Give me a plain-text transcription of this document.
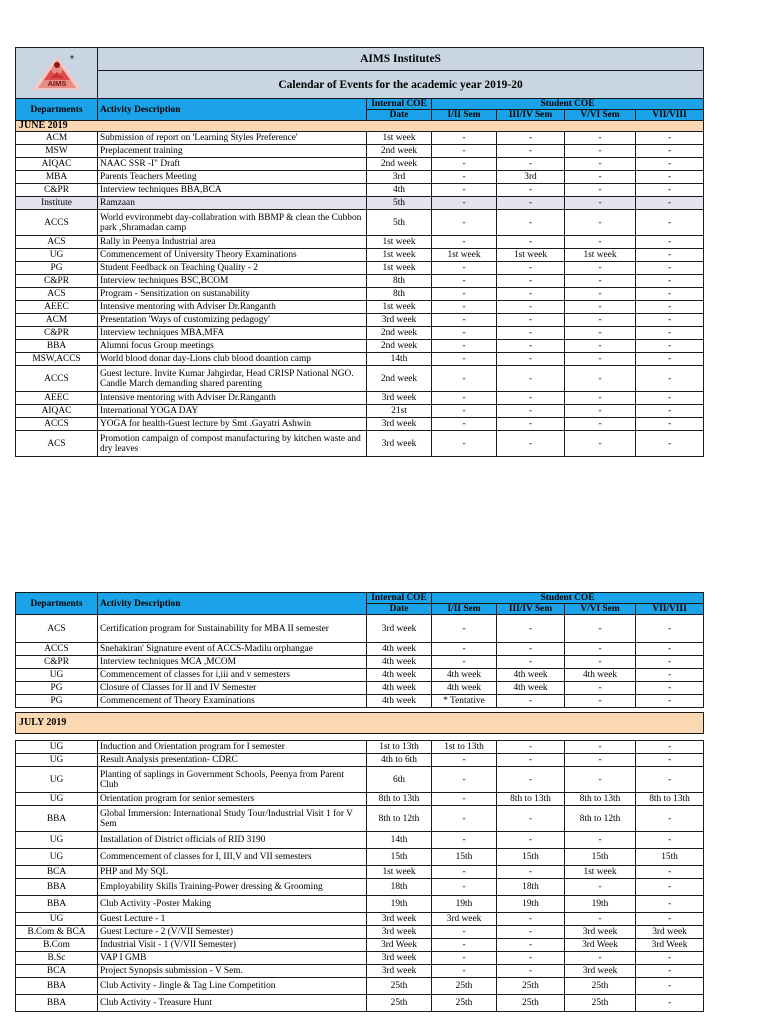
AIMS	AIMS InstituteS					
	Calendar of Events for the academic year 2019-20					
Departments	Activity Description	Internal COE	Student COE			
		Date	I/II Sem	III/IV Sem	V/VI Sem	VII/VIII
JUNE 2019						
ACM	Submission of report on 'Learning Styles Preference'	1st week	-	-	-	-
MSW	Preplacement training	2nd week	-	-	-	-
AIQAC	NAAC SSR -I" Draft	2nd week	-	-	-	-
MBA	Parents Teachers Meeting	3rd	-	3rd	-	-
C&PR	Interview techniques BBA,BCA	4th	-	-	-	-
Institute	Ramzaan	5th	-	-	-	-
ACCS	World evvironmebt day-collabration with BBMP & clean the Cubbon park ,Shramadan camp	5th	-	-	-	-
ACS	Rally in Peenya Industrial area	1st week	-	-	-	-
UG	Commencement of University Theory Examinations	1st week	1st week	1st week	1st week	-
PG	Student Feedback on Teaching Quality - 2	1st week	-	-	-	-
C&PR	Interview techniques BSC,BCOM	8th	-	-	-	-
ACS	Program - Sensitization on sustanability	8th	-	-	-	-
AEEC	Intensive mentoring with Adviser Dr.Ranganth	1st week	-	-	-	-
ACM	Presentation 'Ways of customizing pedagogy'	3rd week	-	-	-	-
C&PR	Interview techniques MBA,MFA	2nd week	-	-	-	-
BBA	Alumni focus Group meetings	2nd week	-	-	-	-
MSW,ACCS	World blood donar day-Lions club blood doantion camp	14th	-	-	-	-
ACCS	Guest lecture. Invite Kumar Jahgirdar, Head CRISP National NGO. Candle March demanding shared parenting	2nd week	-	-	-	-
AEEC	Intensive mentoring with Adviser Dr.Ranganth	3rd week	-	-	-	-
AIQAC	International YOGA DAY	21st	-	-	-	-
ACCS	YOGA for health-Guest lecture by Smt .Gayatri Ashwin	3rd week	-	-	-	-
ACS	Promotion campaign of compost manufacturing by kitchen waste and dry leaves	3rd week	-	-	-	-
Departments	Activity Description	Internal COE	Student COE			
		Date	I/II Sem	III/IV Sem	V/VI Sem	VII/VIII
ACS	Certification program for Sustainability for MBA II semester	3rd week	-	-	-	-
ACCS	Snehakiran' Signature event of ACCS-Madilu orphangae	4th week	-	-	-	-
C&PR	Interview techniques MCA ,MCOM	4th week	-	-	-	-
UG	Commencement of classes for i,iii and v semesters	4th week	4th week	4th week	4th week	-
PG	Closure of Classes for II and IV Semester	4th week	4th week	4th week	-	-
PG	Commencement of Theory Examinations	4th week	* Tentative	-	-	-

JULY 2019						

UG	Induction and Orientation program for I semester	1st to 13th	1st to 13th	-	-	-
UG	Result Analysis presentation- CDRC	4th to 6th	-	-	-	-
UG	Planting of saplings in Government Schools, Peenya from Parent Club	6th	-	-	-	-
UG	Orientation program for senior semesters	8th to 13th	-	8th to 13th	8th to 13th	8th to 13th
BBA	Global Immersion: International Study Tour/Industrial Visit 1 for V Sem	8th to 12th	-	-	8th to 12th	-
UG	Installation of District officials of RID 3190	14th	-	-	-	-
UG	Commencement of classes for I, III,V and VII semesters	15th	15th	15th	15th	15th
BCA	PHP and My SQL	1st week	-	-	1st week	-
BBA	Employability Skills Training-Power dressing & Grooming	18th	-	18th	-	-
BBA	Club Activity -Poster Making	19th	19th	19th	19th	-
UG	Guest Lecture - 1	3rd week	3rd week	-	-	-
B.Com & BCA	Guest Lecture - 2 (V/VII Semester)	3rd week	-	-	3rd week	3rd week
B.Com	Industrial Visit - 1 (V/VII Semester)	3rd Week	-	-	3rd Week	3rd Week
B.Sc	VAP I GMB	3rd week	-	-	-	-
BCA	Project Synopsis submission - V Sem.	3rd week	-	-	3rd week	-
BBA	Club Activity - Jingle & Tag Line Competition	25th	25th	25th	25th	-
BBA	Club Activity - Treasure Hunt	25th	25th	25th	25th	-
